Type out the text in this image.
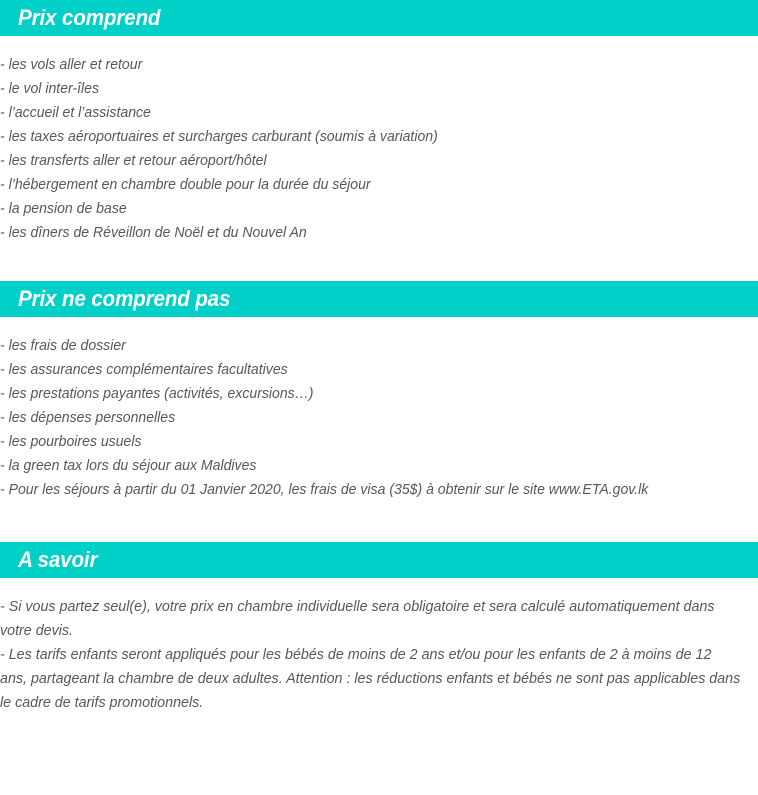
Prix comprend
- les vols aller et retour
- le vol inter-îles
- l’accueil et l’assistance
- les taxes aéroportuaires et surcharges carburant (soumis à variation)
- les transferts aller et retour aéroport/hôtel
- l’hébergement en chambre double pour la durée du séjour
- la pension de base
- les dîners de Réveillon de Noël et du Nouvel An
Prix ne comprend pas
- les frais de dossier
- les assurances complémentaires facultatives
- les prestations payantes (activités, excursions…)
- les dépenses personnelles
- les pourboires usuels
- la green tax lors du séjour aux Maldives
- Pour les séjours à partir du 01 Janvier 2020, les frais de visa (35$) à obtenir sur le site www.ETA.gov.lk
A savoir

- Si vous partez seul(e), votre prix en chambre individuelle sera obligatoire et sera calculé automatiquement dans votre devis.

- Les tarifs enfants seront appliqués pour les bébés de moins de 2 ans et/ou pour les enfants de 2 à moins de 12 ans, partageant la chambre de deux adultes. Attention : les réductions enfants et bébés ne sont pas applicables dans le cadre de tarifs promotionnels.
